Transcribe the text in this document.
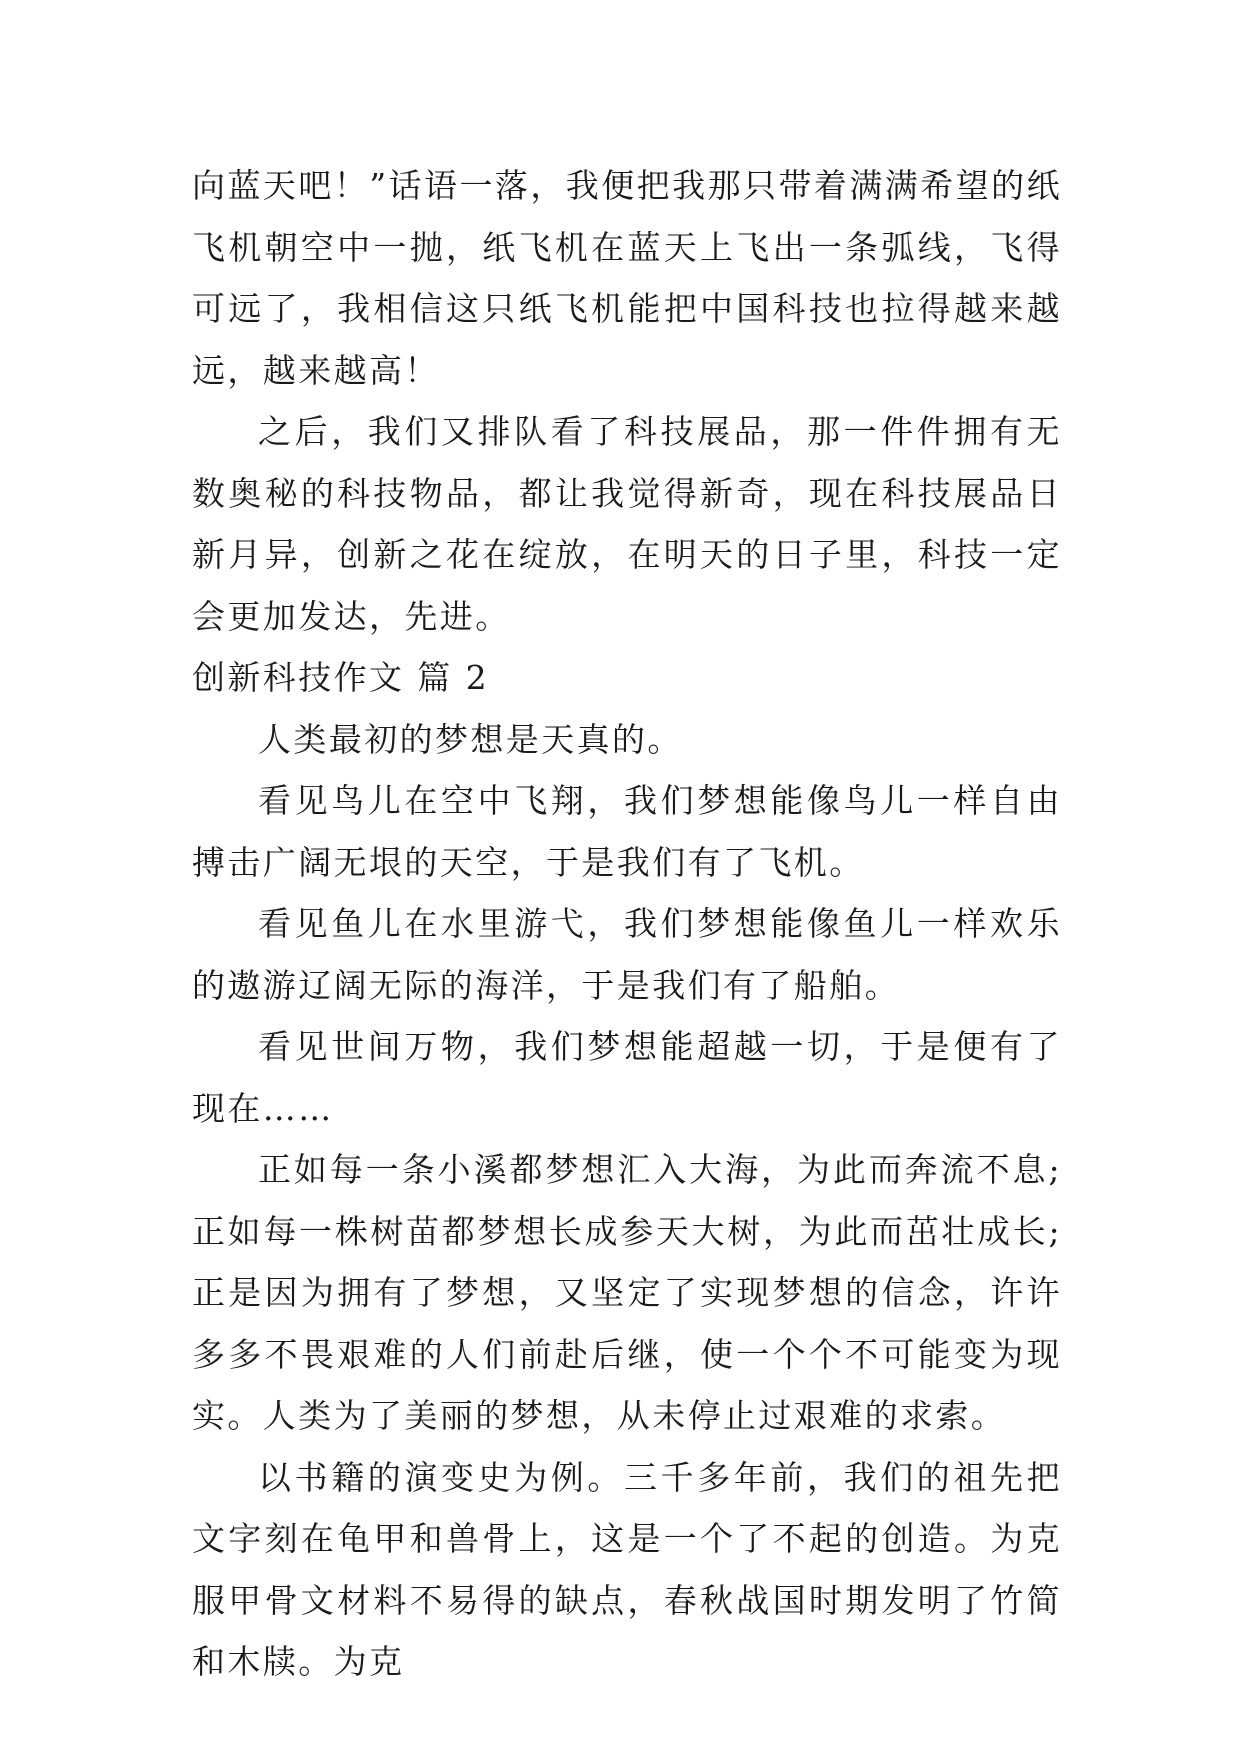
向蓝天吧！”话语一落，我便把我那只带着满满希望的纸飞机朝空中一抛，纸飞机在蓝天上飞出一条弧线，飞得可远了，我相信这只纸飞机能把中国科技也拉得越来越远，越来越高！

之后，我们又排队看了科技展品，那一件件拥有无数奥秘的科技物品，都让我觉得新奇，现在科技展品日新月异，创新之花在绽放，在明天的日子里，科技一定会更加发达，先进。

创新科技作文 篇 2

人类最初的梦想是天真的。

看见鸟儿在空中飞翔，我们梦想能像鸟儿一样自由搏击广阔无垠的天空，于是我们有了飞机。

看见鱼儿在水里游弋，我们梦想能像鱼儿一样欢乐的遨游辽阔无际的海洋，于是我们有了船舶。

看见世间万物，我们梦想能超越一切，于是便有了现在……

正如每一条小溪都梦想汇入大海，为此而奔流不息;正如每一株树苗都梦想长成参天大树，为此而茁壮成长;正是因为拥有了梦想，又坚定了实现梦想的信念，许许多多不畏艰难的人们前赴后继，使一个个不可能变为现实。人类为了美丽的梦想，从未停止过艰难的求索。

以书籍的演变史为例。三千多年前，我们的祖先把文字刻在龟甲和兽骨上，这是一个了不起的创造。为克服甲骨文材料不易得的缺点，春秋战国时期发明了竹简和木牍。为克
